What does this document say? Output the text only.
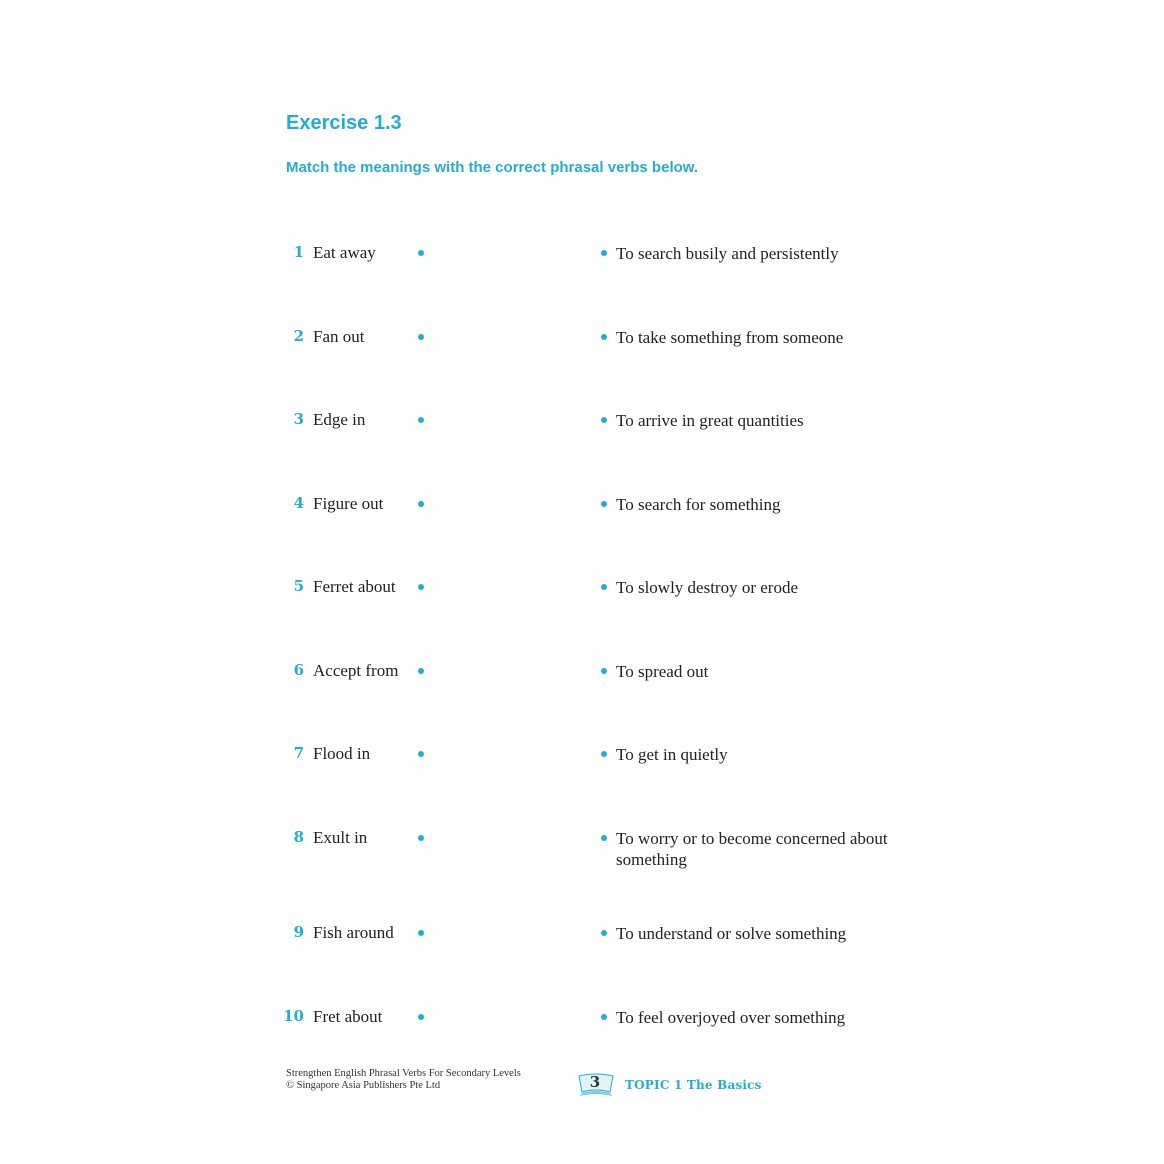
Exercise 1.3

Match the meanings with the correct phrasal verbs below.

1 Eat away	To search busily and persistently
2 Fan out	To take something from someone
3 Edge in	To arrive in great quantities
4 Figure out	To search for something
5 Ferret about	To slowly destroy or erode
6 Accept from	To spread out
7 Flood in	To get in quietly
8 Exult in	To worry or to become concerned about something
9 Fish around	To understand or solve something
10 Fret about	To feel overjoyed over something
Strengthen English Phrasal Verbs For Secondary Levels
© Singapore Asia Publishers Pte Ltd	3	TOPIC 1 The Basics
